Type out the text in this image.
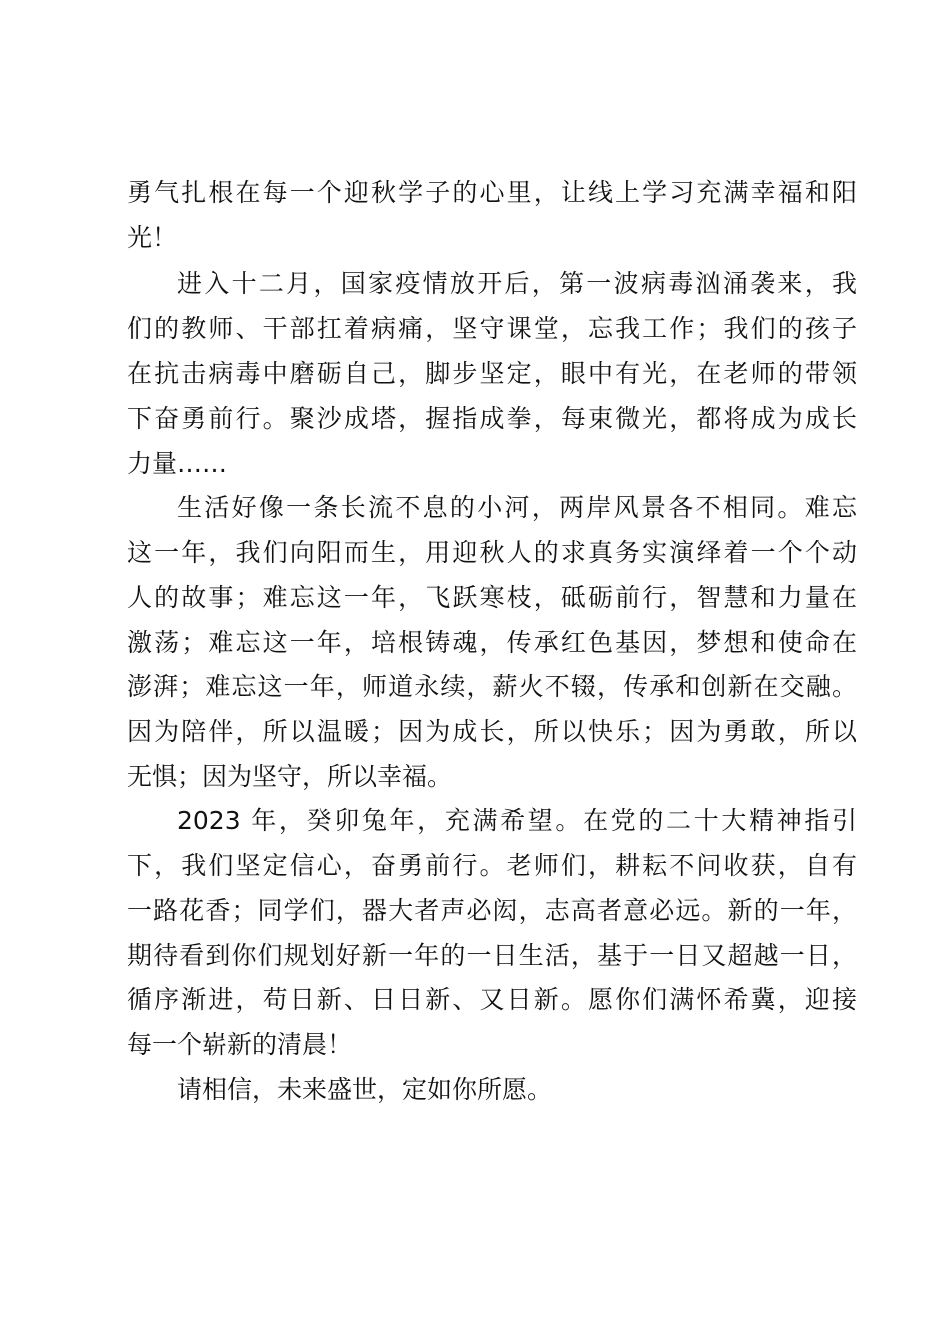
勇气扎根在每一个迎秋学子的心里，让线上学习充满幸福和阳
光！
进入十二月，国家疫情放开后，第一波病毒汹涌袭来，我
们的教师、干部扛着病痛，坚守课堂，忘我工作；我们的孩子
在抗击病毒中磨砺自己，脚步坚定，眼中有光，在老师的带领
下奋勇前行。聚沙成塔，握指成拳，每束微光，都将成为成长
力量……
生活好像一条长流不息的小河，两岸风景各不相同。难忘
这一年，我们向阳而生，用迎秋人的求真务实演绎着一个个动
人的故事；难忘这一年，飞跃寒枝，砥砺前行，智慧和力量在
激荡；难忘这一年，培根铸魂，传承红色基因，梦想和使命在
澎湃；难忘这一年，师道永续，薪火不辍，传承和创新在交融。
因为陪伴，所以温暖；因为成长，所以快乐；因为勇敢，所以
无惧；因为坚守，所以幸福。
2023 年，癸卯兔年，充满希望。在党的二十大精神指引
下，我们坚定信心，奋勇前行。老师们，耕耘不问收获，自有
一路花香；同学们，器大者声必闳，志高者意必远。新的一年，
期待看到你们规划好新一年的一日生活，基于一日又超越一日，
循序渐进，苟日新、日日新、又日新。愿你们满怀希冀，迎接
每一个崭新的清晨！
请相信，未来盛世，定如你所愿。
